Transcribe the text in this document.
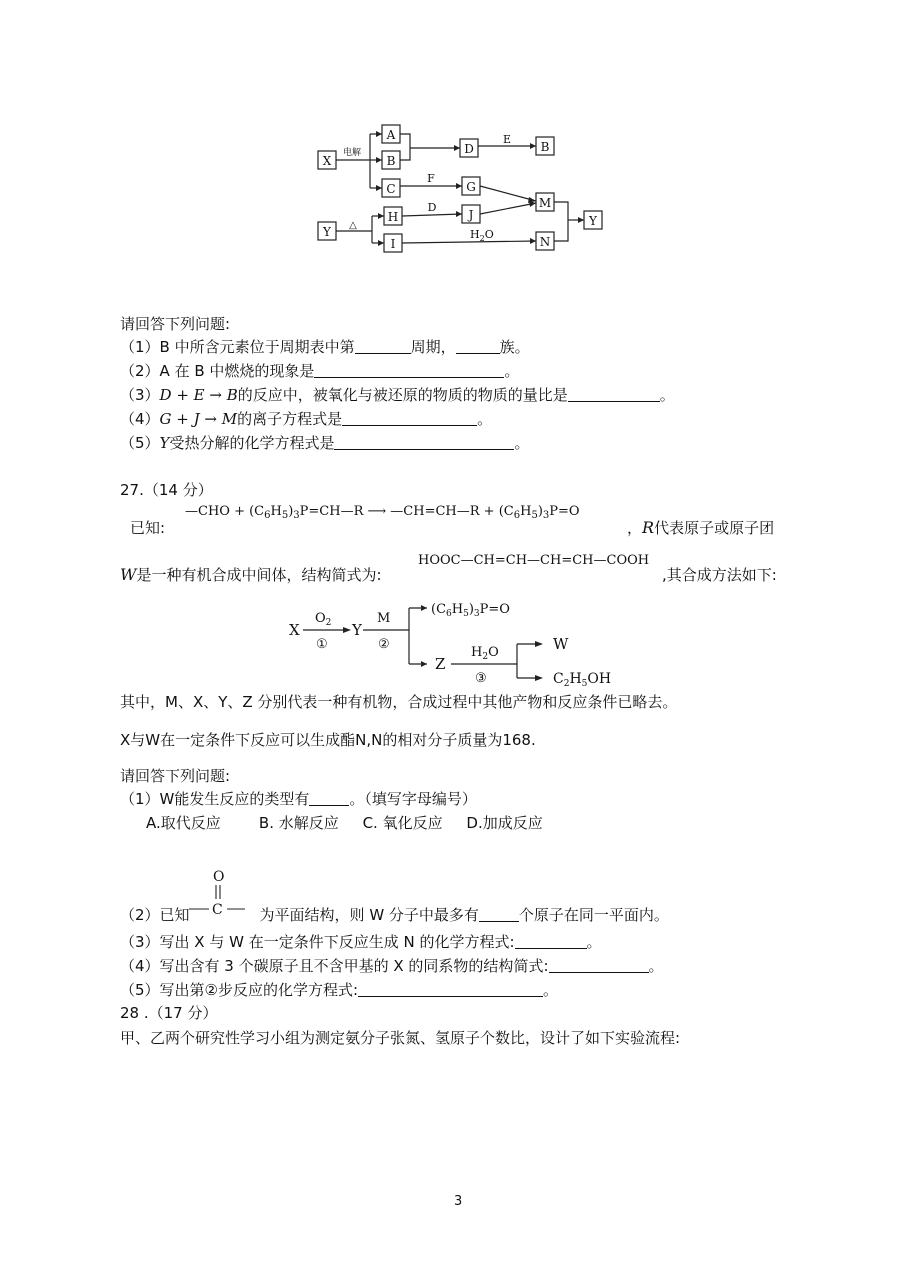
X
A
B
D	B
C	G
M
Y
H	J
Y
I	N
电解
E
F
D
△
$H_2O$
请回答下列问题:
（1）B 中所含元素位于周期表中第	周期，	族。
（2）A 在 B 中燃烧的现象是	。
（3）D + E → B的反应中，被氧化与被还原的物质的物质的量比是	。
（4）G + J → M的离子方程式是	。
（5）Y受热分解的化学方程式是	。
27.（14 分）
已知:
—CHO + $(C_6H_5)_3P=CH—R$ ⟶ —CH=CH—R + $(C_6H_5)_3P=O$
，R代表原子或原子团
W是一种有机合成中间体，结构简式为:
HOOC—CH=CH—CH=CH—COOH
,其合成方法如下:
X
$O_2$
①
Y
M
②
$(C_6H_5)_3P=O$
Z
$H_2O$
③
W
$C_2H_5OH$
其中，M、X、Y、Z 分别代表一种有机物，合成过程中其他产物和反应条件已略去。
X与W在一定条件下反应可以生成酯N,N的相对分子质量为168.
请回答下列问题:
（1）W能发生反应的类型有	。（填写字母编号）
A.取代反应        B. 水解反应     C. 氧化反应     D.加成反应
O
C
（2）已知	为平面结构，则 W 分子中最多有	个原子在同一平面内。
（3）写出 X 与 W 在一定条件下反应生成 N 的化学方程式:	。
（4）写出含有 3 个碳原子且不含甲基的 X 的同系物的结构简式:	。
（5）写出第②步反应的化学方程式:	。
28 .（17 分）
甲、乙两个研究性学习小组为测定氨分子张氮、氢原子个数比，设计了如下实验流程:
3
